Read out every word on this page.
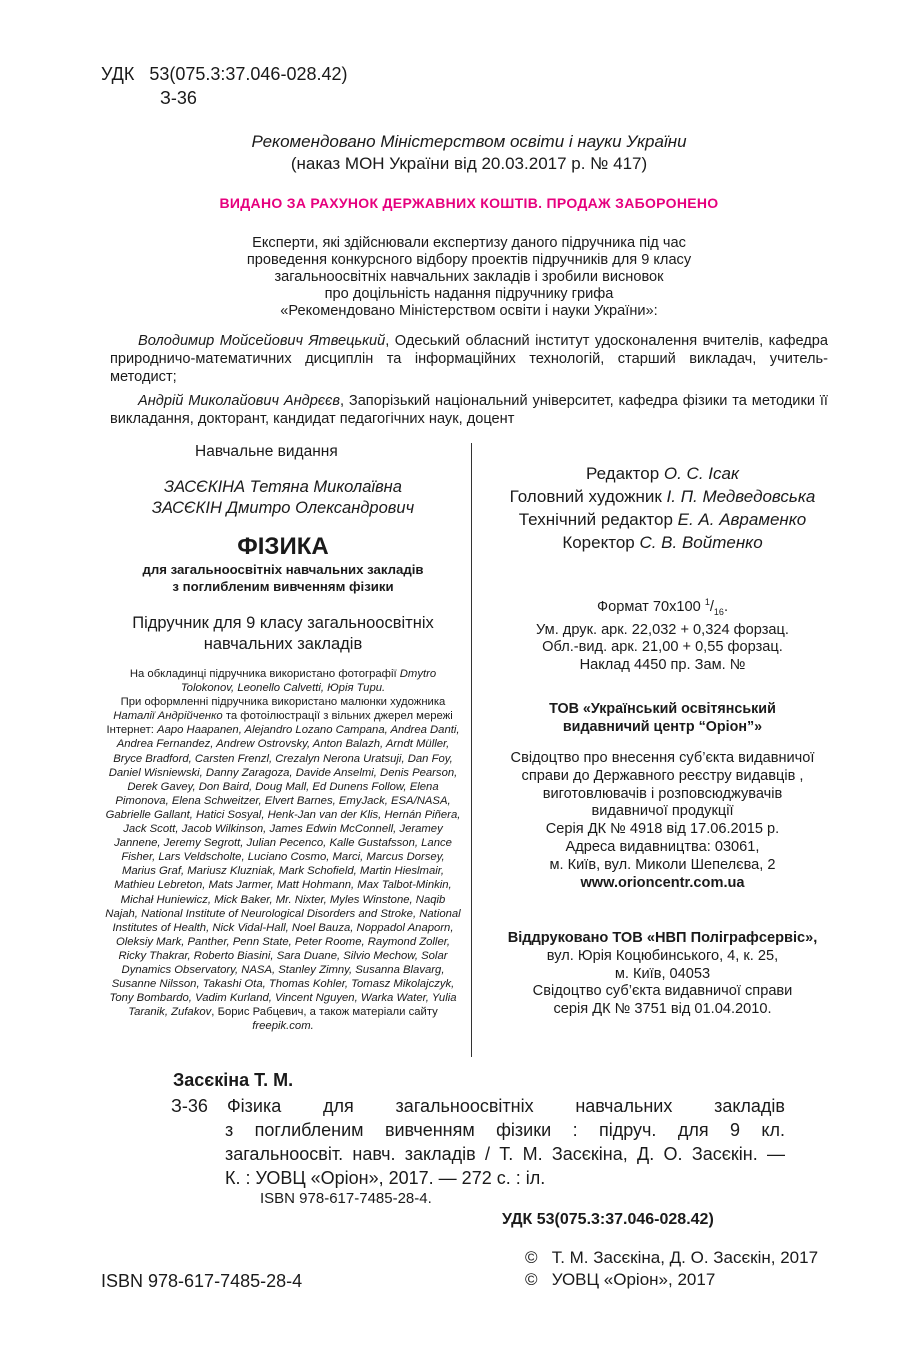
УДК 53(075.3:37.046-028.42)
З-36
Рекомендовано Міністерством освіти і науки України
(наказ МОН України від 20.03.2017 р. № 417)
ВИДАНО ЗА РАХУНОК ДЕРЖАВНИХ КОШТІВ. ПРОДАЖ ЗАБОРОНЕНО
Експерти, які здійснювали експертизу даного підручника під час
проведення конкурсного відбору проектів підручників для 9 класу
загальноосвітніх навчальних закладів і зробили висновок
про доцільність надання підручнику грифа
«Рекомендовано Міністерством освіти і науки України»:
Володимир Мойсейович Ятвецький, Одеський обласний інститут удосконалення вчителів, кафедра природничо-математичних дисциплін та інформаційних технологій, старший викладач, учитель-методист;
Андрій Миколайович Андрєєв, Запорізький національний університет, кафедра фізики та методики її викладання, докторант, кандидат педагогічних наук, доцент
Навчальне видання
ЗАСЄКІНА Тетяна Миколаївна
ЗАСЄКІН Дмитро Олександрович
ФІЗИКА
для загальноосвітніх навчальних закладів
з поглибленим вивченням фізики
Підручник для 9 класу загальноосвітніх
навчальних закладів

На обкладинці підручника використано фотографії Dmytro Tolokonov, Leonello Calvetti, Юрія Тири.

При оформленні підручника використано малюнки художника Наталії Андрійченко та фотоілюстрації з вільних джерел мережі Інтернет: Aapo Haapanen, Alejandro Lozano Campana, Andrea Danti, Andrea Fernandez, Andrew Ostrovsky, Anton Balazh, Arndt Müller, Bryce Bradford, Carsten Frenzl, Crezalyn Nerona Uratsuji, Dan Foy, Daniel Wisniewski, Danny Zaragoza, Davide Anselmi, Denis Pearson, Derek Gavey, Don Baird, Doug Mall, Ed Dunens Follow, Elena Pimonova, Elena Schweitzer, Elvert Barnes, EmyJack, ESA/NASA, Gabrielle Gallant, Hatici Sosyal, Henk-Jan van der Klis, Hernán Piñera, Jack Scott, Jacob Wilkinson, James Edwin McConnell, Jeramey Jannene, Jeremy Segrott, Julian Pecenco, Kalle Gustafsson, Lance Fisher, Lars Veldscholte, Luciano Cosmo, Marci, Marcus Dorsey, Marius Graf, Mariusz Kluzniak, Mark Schofield, Martin Hieslmair, Mathieu Lebreton, Mats Jarmer, Matt Hohmann, Max Talbot-Minkin, Michał Huniewicz, Mick Baker, Mr. Nixter, Myles Winstone, Naqib Najah, National Institute of Neurological Disorders and Stroke, National Institutes of Health, Nick Vidal-Hall, Noel Bauza, Noppadol Anaporn, Oleksiy Mark, Panther, Penn State, Peter Roome, Raymond Zoller, Ricky Thakrar, Roberto Biasini, Sara Duane, Silvio Mechow, Solar Dynamics Observatory, NASA, Stanley Zimny, Susanna Blavarg, Susanne Nilsson, Takashi Ota, Thomas Kohler, Tomasz Mikolajczyk, Tony Bombardo, Vadim Kurland, Vincent Nguyen, Warka Water, Yulia Taranik, Zufakov, Борис Рабцевич, а також матеріали сайту freepik.com.

Редактор О. С. Ісак
Головний художник І. П. Медведовська
Технічний редактор Е. А. Авраменко
Коректор С. В. Войтенко
Формат 70х100 $^1/_{16}$.
Ум. друк. арк. 22,032 + 0,324 форзац.
Обл.-вид. арк. 21,00 + 0,55 форзац.
Наклад 4450 пр. Зам. №
ТОВ «Український освітянський
видавничий центр “Оріон”»
Свідоцтво про внесення суб’єкта видавничої
справи до Державного реєстру видавців ,
виготовлювачів і розповсюджувачів
видавничої продукції
Серія ДК № 4918 від 17.06.2015 р.
Адреса видавництва: 03061,
м. Київ, вул. Миколи Шепелєва, 2
www.orioncentr.com.ua
Віддруковано ТОВ «НВП Поліграфсервіс»,
вул. Юрія Коцюбинського, 4, к. 25,
м. Київ, 04053
Свідоцтво суб’єкта видавничої справи
серія ДК № 3751 від 01.04.2010.
Засєкіна Т. М.
З-36	Фізика для загальноосвітніх навчальних закладів
з поглибленим вивченням фізики : підруч. для 9 кл.
загальноосвіт. навч. закладів / Т. М. Засєкіна, Д. О. Засєкін. —
К. : УОВЦ «Оріон», 2017. — 272 с. : іл.
ISBN 978-617-7485-28-4.
УДК 53(075.3:37.046-028.42)
ISBN 978-617-7485-28-4
© Т. М. Засєкіна, Д. О. Засєкін, 2017
© УОВЦ «Оріон», 2017
